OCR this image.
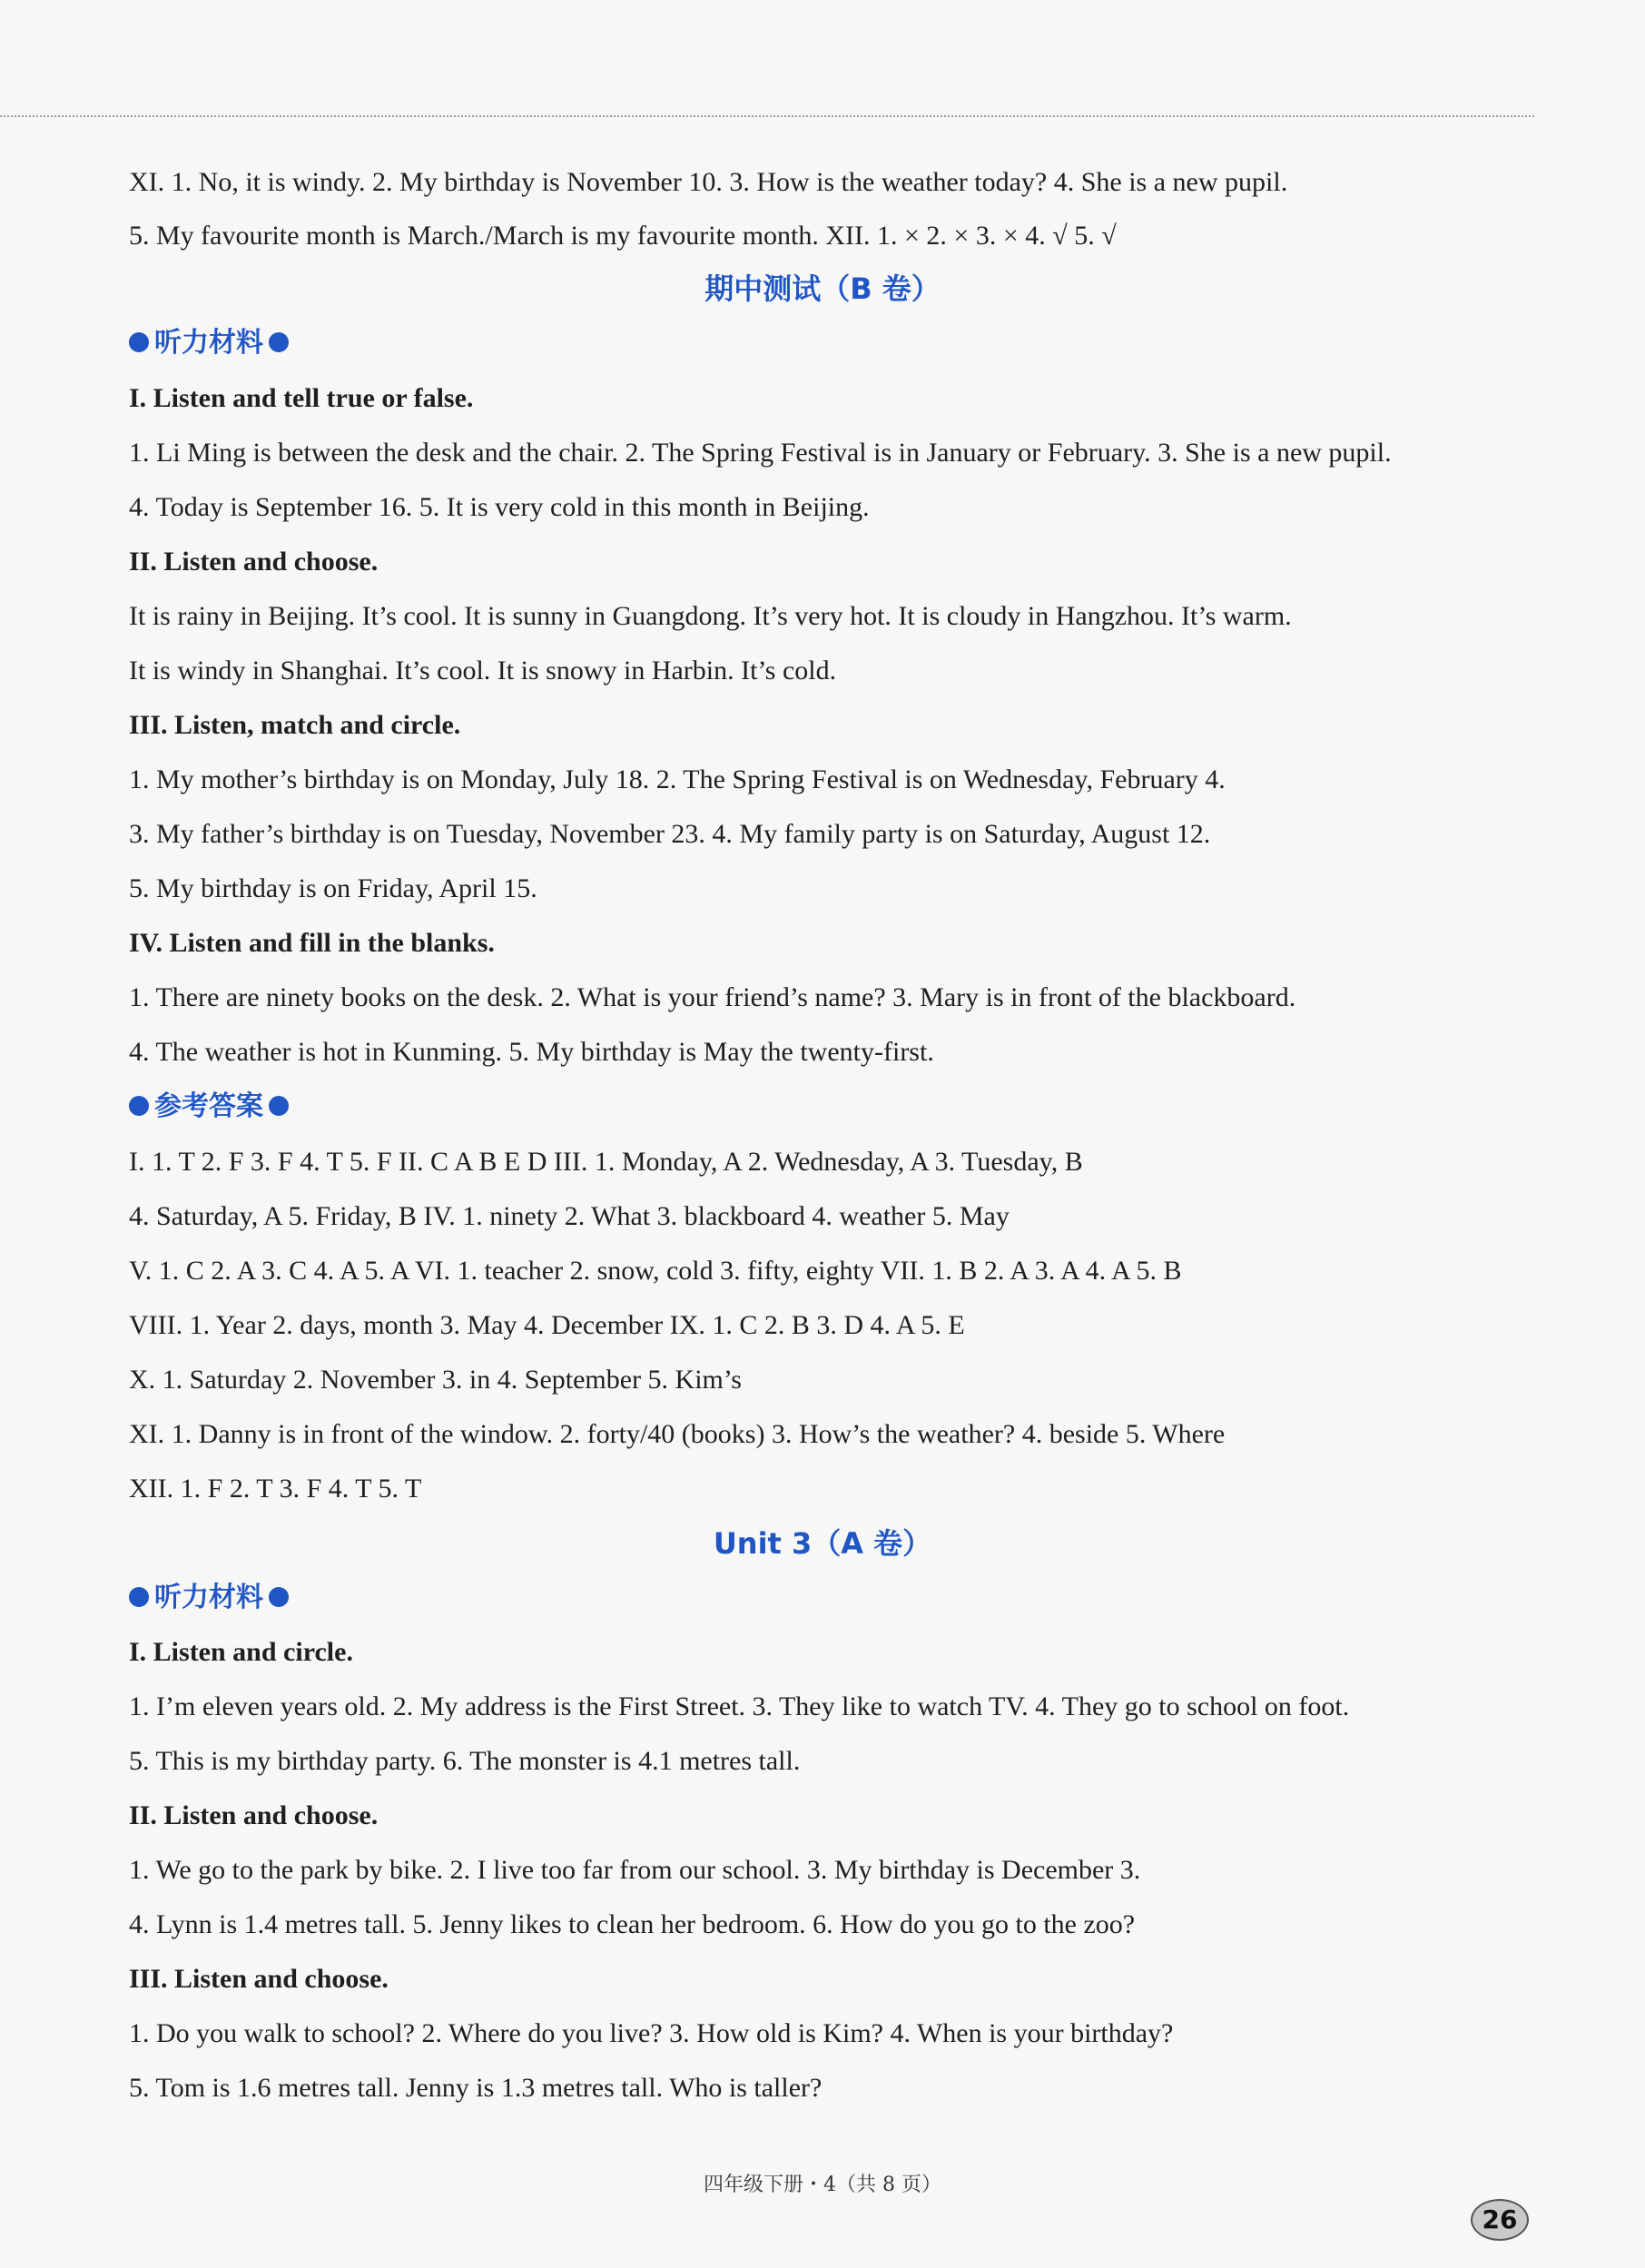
XI. 1. No, it is windy. 2. My birthday is November 10. 3. How is the weather today? 4. She is a new pupil.
5. My favourite month is March./March is my favourite month. XII. 1. × 2. × 3. × 4. √ 5. √
期中测试（B 卷）
听力材料
I. Listen and tell true or false.
1. Li Ming is between the desk and the chair. 2. The Spring Festival is in January or February. 3. She is a new pupil.
4. Today is September 16. 5. It is very cold in this month in Beijing.
II. Listen and choose.
It is rainy in Beijing. It’s cool. It is sunny in Guangdong. It’s very hot. It is cloudy in Hangzhou. It’s warm.
It is windy in Shanghai. It’s cool. It is snowy in Harbin. It’s cold.
III. Listen, match and circle.
1. My mother’s birthday is on Monday, July 18. 2. The Spring Festival is on Wednesday, February 4.
3. My father’s birthday is on Tuesday, November 23. 4. My family party is on Saturday, August 12.
5. My birthday is on Friday, April 15.
IV. Listen and fill in the blanks.
1. There are ninety books on the desk. 2. What is your friend’s name? 3. Mary is in front of the blackboard.
4. The weather is hot in Kunming. 5. My birthday is May the twenty-first.
参考答案
I. 1. T 2. F 3. F 4. T 5. F II. C A B E D III. 1. Monday, A 2. Wednesday, A 3. Tuesday, B
4. Saturday, A 5. Friday, B IV. 1. ninety 2. What 3. blackboard 4. weather 5. May
V. 1. C 2. A 3. C 4. A 5. A VI. 1. teacher 2. snow, cold 3. fifty, eighty VII. 1. B 2. A 3. A 4. A 5. B
VIII. 1. Year 2. days, month 3. May 4. December IX. 1. C 2. B 3. D 4. A 5. E
X. 1. Saturday 2. November 3. in 4. September 5. Kim’s
XI. 1. Danny is in front of the window. 2. forty/40 (books) 3. How’s the weather? 4. beside 5. Where
XII. 1. F 2. T 3. F 4. T 5. T
Unit 3（A 卷）
听力材料
I. Listen and circle.
1. I’m eleven years old. 2. My address is the First Street. 3. They like to watch TV. 4. They go to school on foot.
5. This is my birthday party. 6. The monster is 4.1 metres tall.
II. Listen and choose.
1. We go to the park by bike. 2. I live too far from our school. 3. My birthday is December 3.
4. Lynn is 1.4 metres tall. 5. Jenny likes to clean her bedroom. 6. How do you go to the zoo?
III. Listen and choose.
1. Do you walk to school? 2. Where do you live? 3. How old is Kim? 4. When is your birthday?
5. Tom is 1.6 metres tall. Jenny is 1.3 metres tall. Who is taller?
四年级下册・4（共 8 页）
26
